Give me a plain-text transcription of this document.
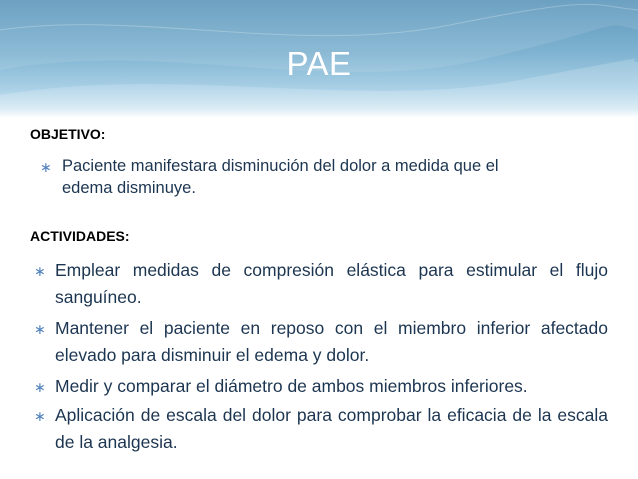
PAE
OBJETIVO:
∗ Paciente manifestara disminución del dolor a medida que el edema disminuye.
ACTIVIDADES:
∗ Emplear medidas de compresión elástica para estimular el flujo sanguíneo.
∗ Mantener el paciente en reposo con el miembro inferior afectado elevado para disminuir el edema y dolor.
∗ Medir y comparar el diámetro de ambos miembros inferiores.
∗ Aplicación de escala del dolor para comprobar la eficacia de la escala de la analgesia.
